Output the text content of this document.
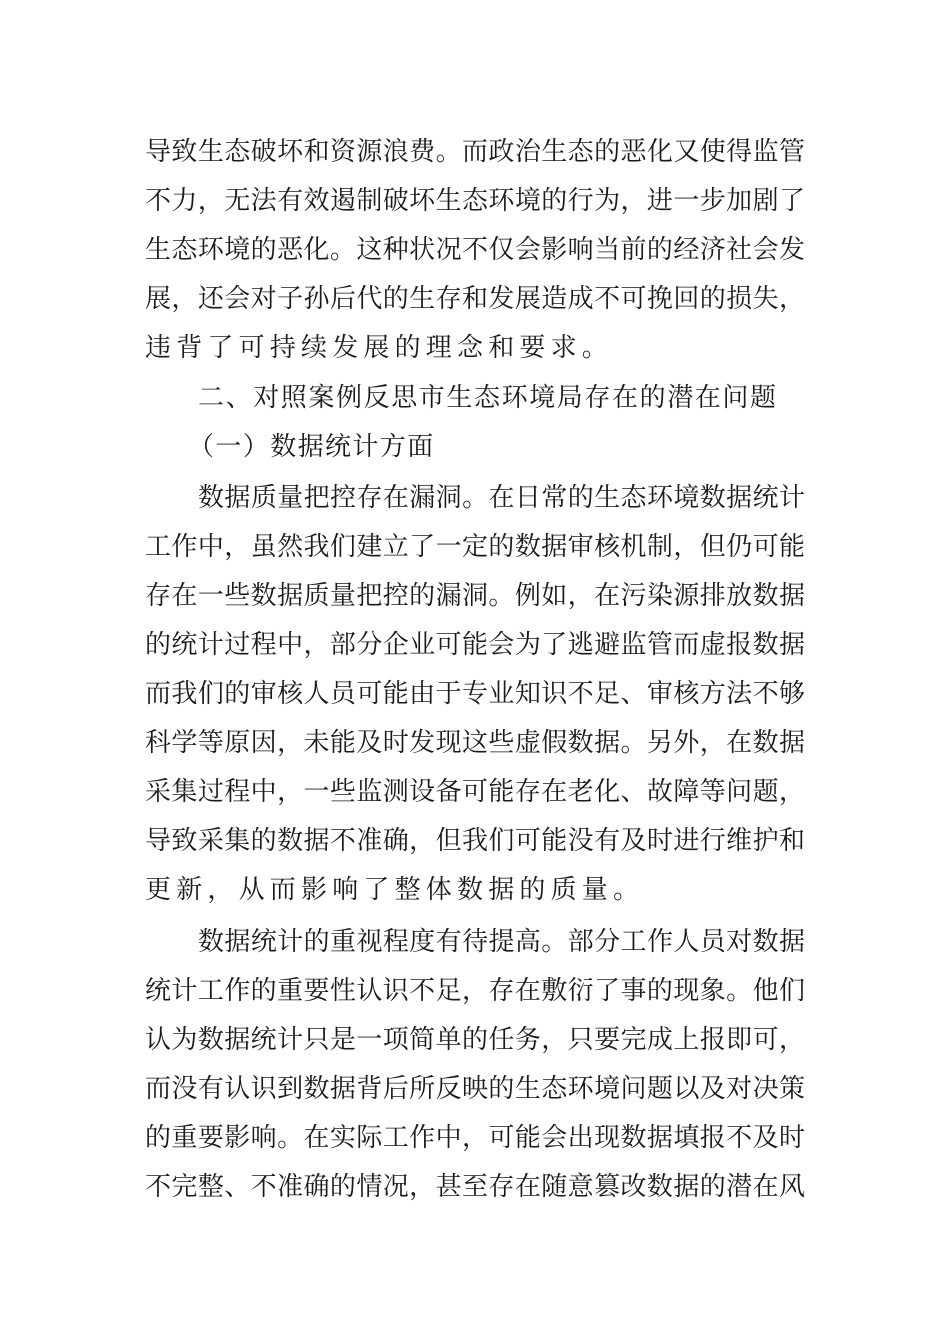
导致生态破坏和资源浪费。而政治生态的恶化又使得监管
不力，无法有效遏制破坏生态环境的行为，进一步加剧了
生态环境的恶化。这种状况不仅会影响当前的经济社会发
展，还会对子孙后代的生存和发展造成不可挽回的损失，
违背了可持续发展的理念和要求。
二、对照案例反思市生态环境局存在的潜在问题
（一）数据统计方面
数据质量把控存在漏洞。在日常的生态环境数据统计
工作中，虽然我们建立了一定的数据审核机制，但仍可能
存在一些数据质量把控的漏洞。例如，在污染源排放数据
的统计过程中，部分企业可能会为了逃避监管而虚报数据
而我们的审核人员可能由于专业知识不足、审核方法不够
科学等原因，未能及时发现这些虚假数据。另外，在数据
采集过程中，一些监测设备可能存在老化、故障等问题，
导致采集的数据不准确，但我们可能没有及时进行维护和
更新，从而影响了整体数据的质量。
数据统计的重视程度有待提高。部分工作人员对数据
统计工作的重要性认识不足，存在敷衍了事的现象。他们
认为数据统计只是一项简单的任务，只要完成上报即可，
而没有认识到数据背后所反映的生态环境问题以及对决策
的重要影响。在实际工作中，可能会出现数据填报不及时
不完整、不准确的情况，甚至存在随意篡改数据的潜在风
